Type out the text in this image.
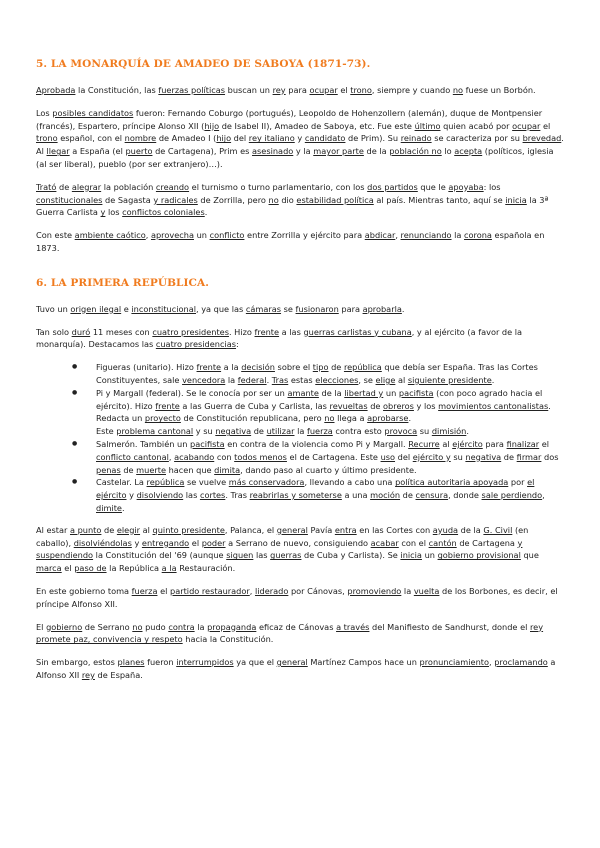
5. LA MONARQUÍA DE AMADEO DE SABOYA (1871-73).

Aprobada la Constitución, las fuerzas políticas buscan un rey para ocupar el trono, siempre y cuando no fuese un Borbón.

Los posibles candidatos fueron: Fernando Coburgo (portugués), Leopoldo de Hohenzollern (alemán), duque de Montpensier (francés), Espartero, príncipe Alonso XII (hijo de Isabel II), Amadeo de Saboya, etc. Fue este último quien acabó por ocupar el trono español, con el nombre de Amadeo I (hijo del rey italiano y candidato de Prim). Su reinado se caracteriza por su brevedad. Al llegar a España (el puerto de Cartagena), Prim es asesinado y la mayor parte de la población no lo acepta (políticos, iglesia (al ser liberal), pueblo (por ser extranjero)…).

Trató de alegrar la población creando el turnismo o turno parlamentario, con los dos partidos que le apoyaba: los constitucionales de Sagasta y radicales de Zorrilla, pero no dio estabilidad política al país. Mientras tanto, aquí se inicia la 3ª Guerra Carlista y los conflictos coloniales.

Con este ambiente caótico, aprovecha un conflicto entre Zorrilla y ejército para abdicar, renunciando la corona española en 1873.

6. LA PRIMERA REPÚBLICA.

Tuvo un origen ilegal e inconstitucional, ya que las cámaras se fusionaron para aprobarla.

Tan solo duró 11 meses con cuatro presidentes. Hizo frente a las guerras carlistas y cubana, y al ejército (a favor de la monarquía). Destacamos las cuatro presidencias:

● Figueras (unitario). Hizo frente a la decisión sobre el tipo de república que debía ser España. Tras las Cortes Constituyentes, sale vencedora la federal. Tras estas elecciones, se elige al siguiente presidente.
● Pi y Margall (federal). Se le conocía por ser un amante de la libertad y un pacifista (con poco agrado hacia el ejército). Hizo frente a las Guerra de Cuba y Carlista, las revueltas de obreros y los movimientos cantonalistas.
Redacta un proyecto de Constitución republicana, pero no llega a aprobarse.
Este problema cantonal y su negativa de utilizar la fuerza contra esto provoca su dimisión.
● Salmerón. También un pacifista en contra de la violencia como Pi y Margall. Recurre al ejército para finalizar el conflicto cantonal, acabando con todos menos el de Cartagena. Este uso del ejército y su negativa de firmar dos penas de muerte hacen que dimita, dando paso al cuarto y último presidente.
● Castelar. La república se vuelve más conservadora, llevando a cabo una política autoritaria apoyada por el ejército y disolviendo las cortes. Tras reabrirlas y someterse a una moción de censura, donde sale perdiendo, dimite.

Al estar a punto de elegir al quinto presidente, Palanca, el general Pavía entra en las Cortes con ayuda de la G. Civil (en caballo), disolviéndolas y entregando el poder a Serrano de nuevo, consiguiendo acabar con el cantón de Cartagena y suspendiendo la Constitución del '69 (aunque siguen las guerras de Cuba y Carlista). Se inicia un gobierno provisional que marca el paso de la República a la Restauración.

En este gobierno toma fuerza el partido restaurador, liderado por Cánovas, promoviendo la vuelta de los Borbones, es decir, el príncipe Alfonso XII.

El gobierno de Serrano no pudo contra la propaganda eficaz de Cánovas a través del Manifiesto de Sandhurst, donde el rey promete paz, convivencia y respeto hacia la Constitución.

Sin embargo, estos planes fueron interrumpidos ya que el general Martínez Campos hace un pronunciamiento, proclamando a Alfonso XII rey de España.
